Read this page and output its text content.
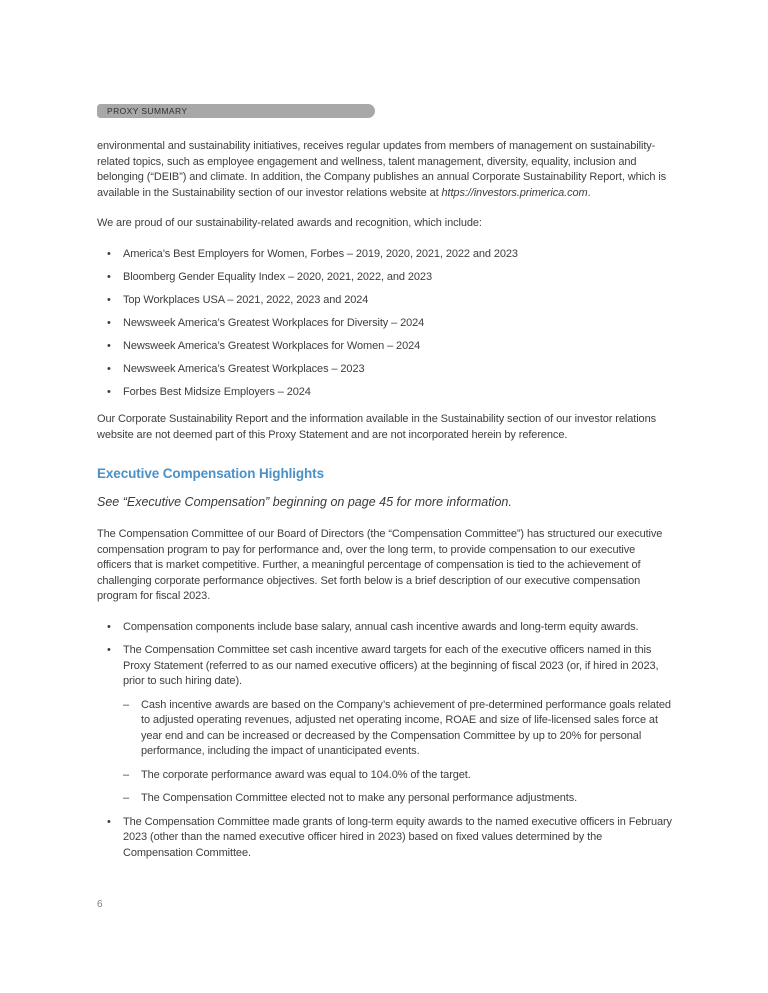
PROXY SUMMARY

environmental and sustainability initiatives, receives regular updates from members of management on sustainability-related topics, such as employee engagement and wellness, talent management, diversity, equality, inclusion and belonging (“DEIB”) and climate. In addition, the Company publishes an annual Corporate Sustainability Report, which is available in the Sustainability section of our investor relations website at https://investors.primerica.com.

We are proud of our sustainability-related awards and recognition, which include:

•	America’s Best Employers for Women, Forbes – 2019, 2020, 2021, 2022 and 2023
•	Bloomberg Gender Equality Index – 2020, 2021, 2022, and 2023
•	Top Workplaces USA – 2021, 2022, 2023 and 2024
•	Newsweek America’s Greatest Workplaces for Diversity – 2024
•	Newsweek America’s Greatest Workplaces for Women – 2024
•	Newsweek America’s Greatest Workplaces – 2023
•	Forbes Best Midsize Employers – 2024

Our Corporate Sustainability Report and the information available in the Sustainability section of our investor relations website are not deemed part of this Proxy Statement and are not incorporated herein by reference.

Executive Compensation Highlights

See “Executive Compensation” beginning on page 45 for more information.

The Compensation Committee of our Board of Directors (the “Compensation Committee”) has structured our executive compensation program to pay for performance and, over the long term, to provide compensation to our executive officers that is market competitive. Further, a meaningful percentage of compensation is tied to the achievement of challenging corporate performance objectives. Set forth below is a brief description of our executive compensation program for fiscal 2023.

•	Compensation components include base salary, annual cash incentive awards and long-term equity awards.
•	The Compensation Committee set cash incentive award targets for each of the executive officers named in this Proxy Statement (referred to as our named executive officers) at the beginning of fiscal 2023 (or, if hired in 2023, prior to such hiring date).
–	Cash incentive awards are based on the Company’s achievement of pre-determined performance goals related to adjusted operating revenues, adjusted net operating income, ROAE and size of life-licensed sales force at year end and can be increased or decreased by the Compensation Committee by up to 20% for personal performance, including the impact of unanticipated events.
–	The corporate performance award was equal to 104.0% of the target.
–	The Compensation Committee elected not to make any personal performance adjustments.
•	The Compensation Committee made grants of long-term equity awards to the named executive officers in February 2023 (other than the named executive officer hired in 2023) based on fixed values determined by the Compensation Committee.
6
